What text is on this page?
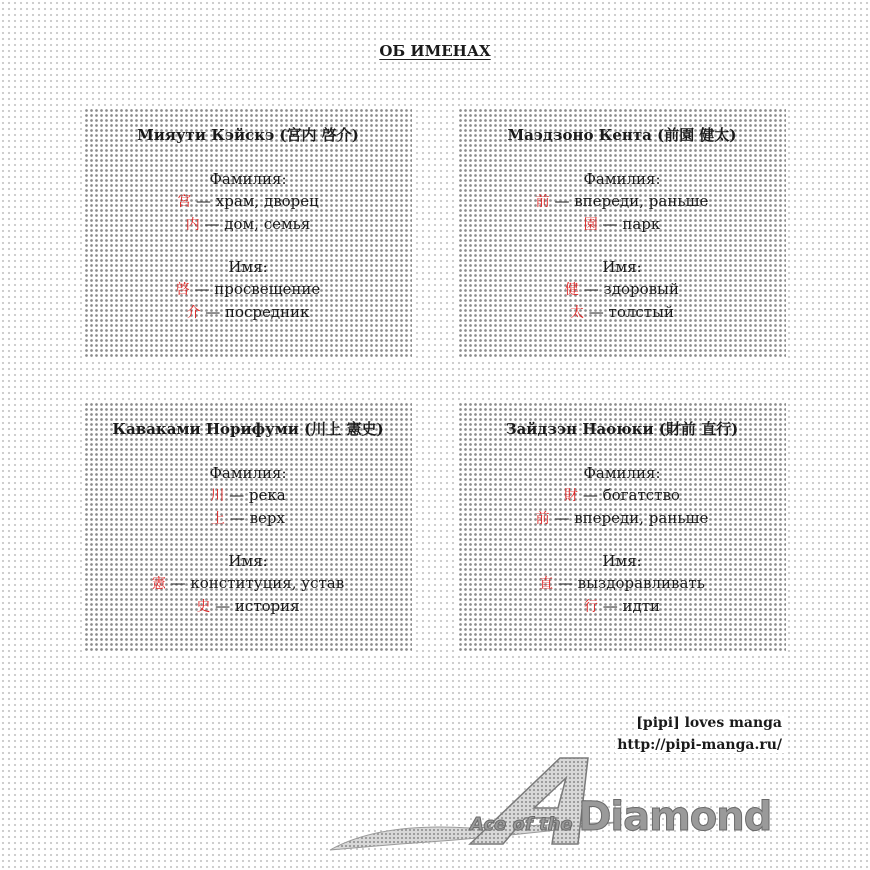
ОБ ИМЕНАХ
Мияути Кэйскэ (宮内 啓介)
Фамилия:
宮 — храм, дворец
内 — дом, семья
Имя:
啓 — просвещение
介 — посредник
Маэдзоно Кента (前園 健太)
Фамилия:
前 — впереди, раньше
園 — парк
Имя:
健 — здоровый
太 — толстый
Каваками Норифуми (川上 憲史)
Фамилия:
川 — река
上 — верх
Имя:
憲 — конституция, устав
史 — история
Зайдзэн Наоюки (財前 直行)
Фамилия:
財 — богатство
前 — впереди, раньше
Имя:
直 — выздоравливать
行 — идти
[pipi] loves manga
http://pipi-manga.ru/
Ace of the Diamond
